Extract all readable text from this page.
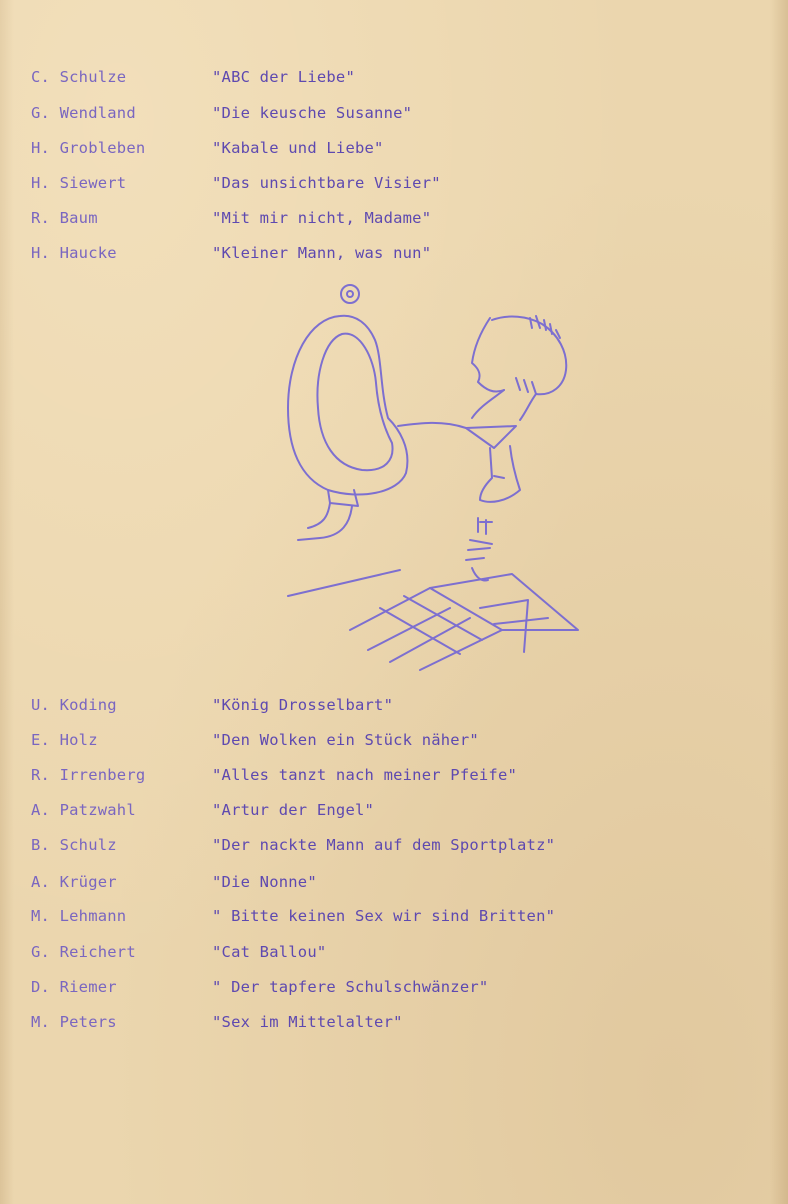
C. Schulze	"ABC der Liebe"
G. Wendland	"Die keusche Susanne"
H. Grobleben	"Kabale und Liebe"
H. Siewert	"Das unsichtbare Visier"
R. Baum	"Mit mir nicht, Madame"
H. Haucke	"Kleiner Mann, was nun"
U. Koding	"König Drosselbart"
E. Holz	"Den Wolken ein Stück näher"
R. Irrenberg	"Alles tanzt nach meiner Pfeife"
A. Patzwahl	"Artur der Engel"
B. Schulz	"Der nackte Mann auf dem Sportplatz"
A. Krüger	"Die Nonne"
M. Lehmann	" Bitte keinen Sex wir sind Britten"
G. Reichert	"Cat Ballou"
D. Riemer	" Der tapfere Schulschwänzer"
M. Peters	"Sex im Mittelalter"
